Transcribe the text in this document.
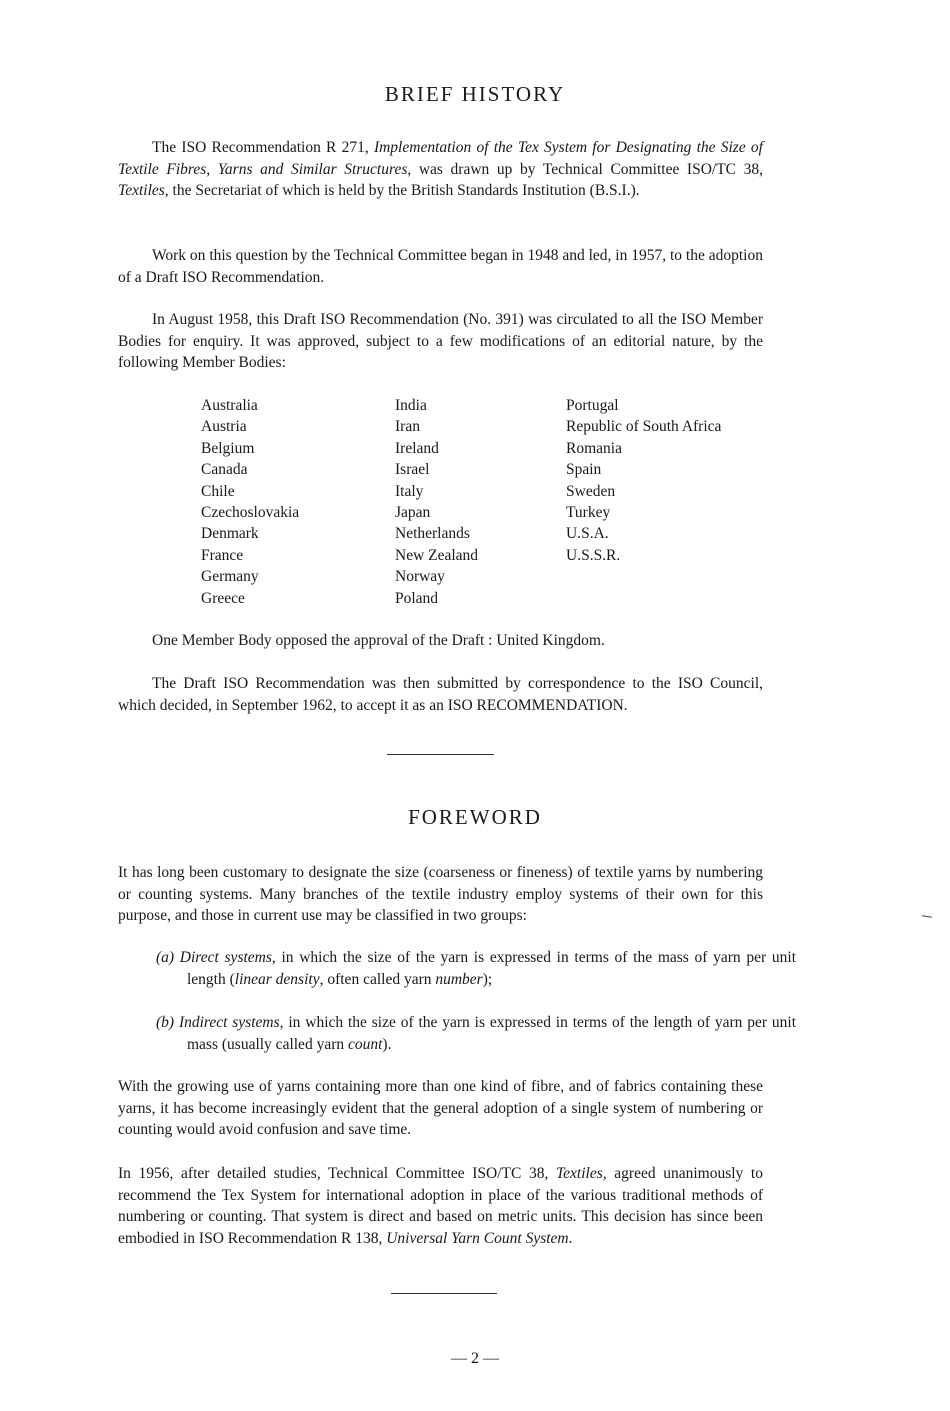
BRIEF HISTORY

The ISO Recommendation R 271, Implementation of the Tex System for Designating the Size of Textile Fibres, Yarns and Similar Structures, was drawn up by Technical Committee ISO/TC 38, Textiles, the Secretariat of which is held by the British Standards Institution (B.S.I.).

Work on this question by the Technical Committee began in 1948 and led, in 1957, to the adoption of a Draft ISO Recommendation.

In August 1958, this Draft ISO Recommendation (No. 391) was circulated to all the ISO Member Bodies for enquiry. It was approved, subject to a few modifications of an editorial nature, by the following Member Bodies:

Australia
Austria
Belgium
Canada
Chile
Czechoslovakia
Denmark
France
Germany
Greece
India
Iran
Ireland
Israel
Italy
Japan
Netherlands
New Zealand
Norway
Poland
Portugal
Republic of South Africa
Romania
Spain
Sweden
Turkey
U.S.A.
U.S.S.R.

One Member Body opposed the approval of the Draft : United Kingdom.

The Draft ISO Recommendation was then submitted by correspondence to the ISO Council, which decided, in September 1962, to accept it as an ISO RECOMMENDATION.

FOREWORD

It has long been customary to designate the size (coarseness or fineness) of textile yarns by numbering or counting systems. Many branches of the textile industry employ systems of their own for this purpose, and those in current use may be classified in two groups:

(a) Direct systems, in which the size of the yarn is expressed in terms of the mass of yarn per unit length (linear density, often called yarn number);

(b) Indirect systems, in which the size of the yarn is expressed in terms of the length of yarn per unit mass (usually called yarn count).

With the growing use of yarns containing more than one kind of fibre, and of fabrics containing these yarns, it has become increasingly evident that the general adoption of a single system of numbering or counting would avoid confusion and save time.

In 1956, after detailed studies, Technical Committee ISO/TC 38, Textiles, agreed unanimously to recommend the Tex System for international adoption in place of the various traditional methods of numbering or counting. That system is direct and based on metric units. This decision has since been embodied in ISO Recommendation R 138, Universal Yarn Count System.

— 2 —
